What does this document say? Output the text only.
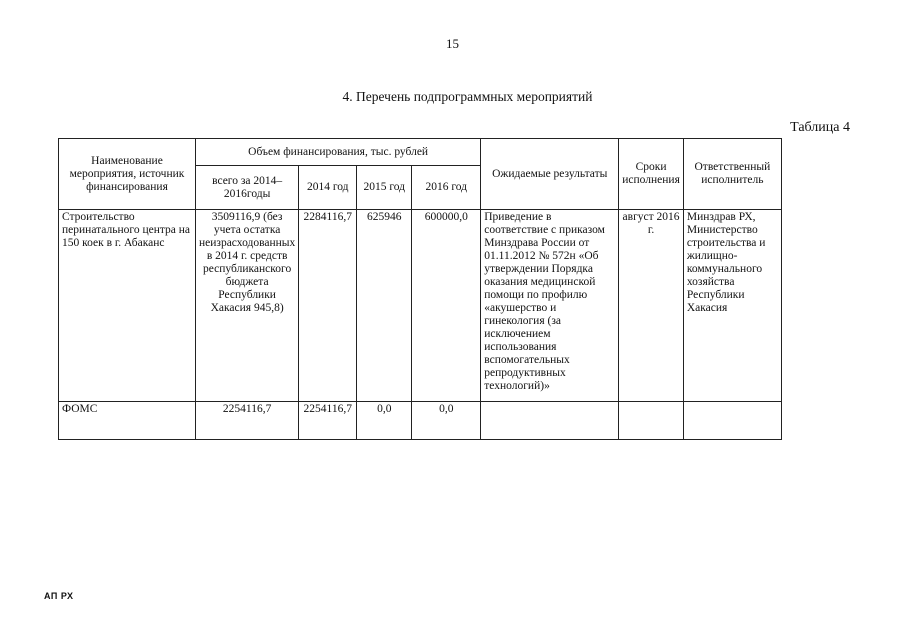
15
4. Перечень подпрограммных мероприятий
Таблица 4
Наименование мероприятия, источник финансирования	Объем финансирования, тыс. рублей				Ожидаемые результаты	Сроки исполнения	Ответственный исполнитель
	всего за 2014–2016годы	2014 год	2015 год	2016 год			
Строительство перинатального центра на 150 коек в г. Абаканс	3509116,9 (без учета остатка неизрасходованных в 2014 г. средств республиканского бюджета Республики Хакасия 945,8)	2284116,7	625946	600000,0	Приведение в соответствие с приказом Минздрава России от 01.11.2012 № 572н «Об утверждении Порядка оказания медицинской помощи по профилю «акушерство и гинекология (за исключением использования вспомогательных репродуктивных технологий)»	август 2016 г.	Минздрав РХ, Министерство строительства и жилищно-коммунального хозяйства Республики Хакасия
ФОМС	2254116,7	2254116,7	0,0	0,0			
АП РХ
